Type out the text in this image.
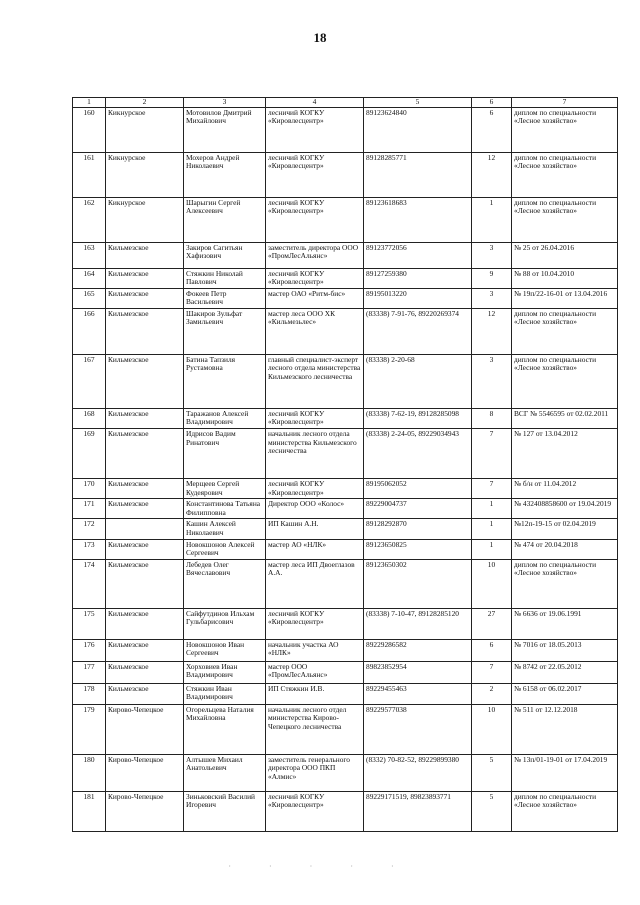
18
1	2	3	4	5	6	7
160	Кикнурское	Мотовилов Дмитрий Михайлович	лесничий КОГКУ «Кировлесцентр»	89123624840	6	диплом по специальности «Лесное хозяйство»
161	Кикнурское	Мохеров Андрей Николаевич	лесничий КОГКУ «Кировлесцентр»	89128285771	12	диплом по специальности «Лесное хозяйство»
162	Кикнурское	Шарыгин Сергей Алексеевич	лесничий КОГКУ «Кировлесцентр»	89123618683	1	диплом по специальности «Лесное хозяйство»
163	Кильмезское	Закиров Сагитьян Хафизович	заместитель директора ООО «ПромЛесАльянс»	89123772056	3	№ 25 от 26.04.2016
164	Кильмезское	Стяжкин Николай Павлович	лесничий КОГКУ «Кировлесцентр»	89127259380	9	№ 88 от 10.04.2010
165	Кильмезское	Фокеев Петр Васильевич	мастер ОАО «Ритм-бис»	89195013220	3	№ 19п/22-16-01 от 13.04.2016
166	Кильмезское	Шакиров Зульфат Замильевич	мастер леса ООО ХК «Кильмезьлес»	(83338) 7-91-76, 89220269374	12	диплом по специальности «Лесное хозяйство»
167	Кильмезское	Батина Тапзиля Рустамовна	главный специалист-эксперт лесного отдела министерства Кильмезского лесничества	(83338) 2-20-68	3	диплом по специальности «Лесное хозяйство»
168	Кильмезское	Таражанов Алексей Владимирович	лесничий КОГКУ «Кировлесцентр»	(83338) 7-62-19, 89128285098	8	ВСГ № 5546595 от 02.02.2011
169	Кильмезское	Идрисов Вадим Ринатович	начальник лесного отдела министерства Кильмезского лесничества	(83338) 2-24-05, 89229034943	7	№ 127 от 13.04.2012
170	Кильмезское	Мерщеев Сергей Кудеярович	лесничий КОГКУ «Кировлесцентр»	89195062052	7	№ б/н от 11.04.2012
171	Кильмезское	Константинова Татьяна Филипповна	Директор ООО «Колос»	89229004737	1	№ 432408858600 от 19.04.2019
172		Кашин Алексей Николаевич	ИП Кашин А.Н.	89128292870	1	№12п-19-15 от 02.04.2019
173	Кильмезское	Новокшонов Алексей Сергеевич	мастер АО «НЛК»	89123650825	1	№ 474 от 20.04.2018
174	Кильмезское	Лебедев Олег Вячеславович	мастер леса ИП Двоеглазов А.А.	89123650302	10	диплом по специальности «Лесное хозяйство»
175	Кильмезское	Сайфутдинов Ильхам Гульбарисович	лесничий КОГКУ «Кировлесцентр»	(83338) 7-10-47, 89128285120	27	№ 6636 от 19.06.1991
176	Кильмезское	Новокшонов Иван Сергеевич	начальник участка АО «НЛК»	89229286582	6	№ 7016 от 18.05.2013
177	Кильмезское	Хорховиев Иван Владимирович	мастер ООО «ПромЛесАльянс»	89823852954	7	№ 8742 от 22.05.2012
178	Кильмезское	Стяжкин Иван Владимирович	ИП Стяжкин И.В.	89229455463	2	№ 6158 от 06.02.2017
179	Кирово-Чепецкое	Огорельцева Наталия Михайловна	начальник лесного отдел министерства Кирово-Чепецкого лесничества	89229577038	10	№ 511 от 12.12.2018
180	Кирово-Чепецкое	Алтышев Михаил Анатольевич	заместитель генерального директора ООО ПКП «Алмис»	(8332) 70-82-52, 89229899380	5	№ 13п/01-19-01 от 17.04.2019
181	Кирово-Чепецкое	Зиньковский Василий Игоревич	лесничий КОГКУ «Кировлесцентр»	89229171519, 89823893771	5	диплом по специальности «Лесное хозяйство»
· · · · ·
